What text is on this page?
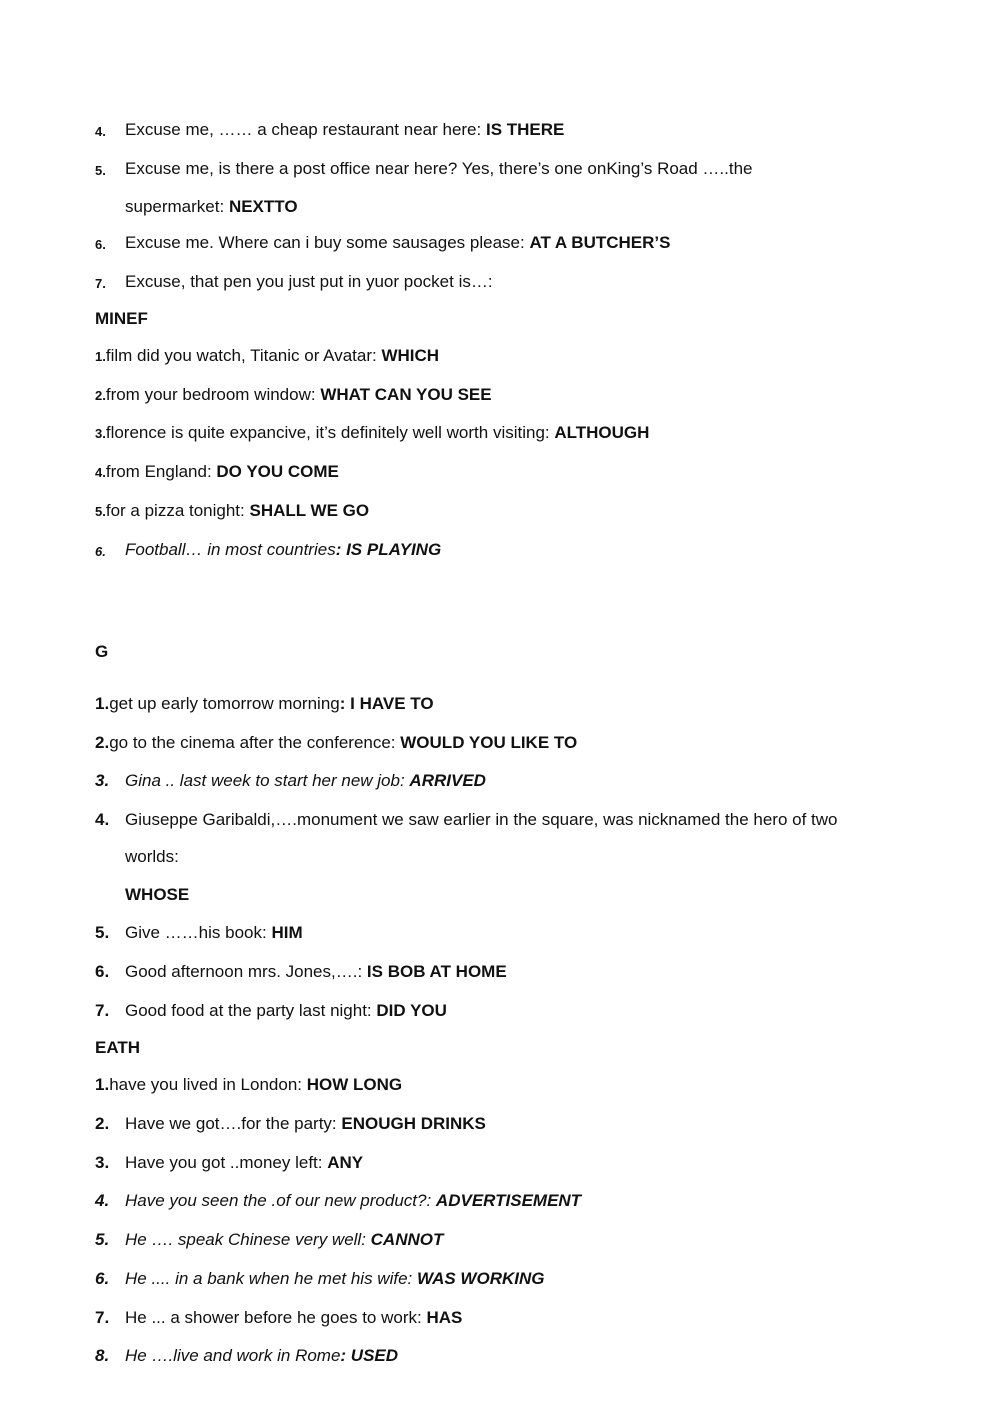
4. Excuse me, …… a cheap restaurant near here: IS THERE
5. Excuse me, is there a post office near here? Yes, there’s one onKing’s Road …..the
supermarket: NEXTTO
6. Excuse me. Where can i buy some sausages please: AT A BUTCHER’S
7. Excuse, that pen you just put in yuor pocket is…:
MINEF
1.film did you watch, Titanic or Avatar: WHICH
2.from your bedroom window: WHAT CAN YOU SEE
3.florence is quite expancive, it’s definitely well worth visiting: ALTHOUGH
4.from England: DO YOU COME
5.for a pizza tonight: SHALL WE GO
6. Football… in most countries: IS PLAYING
G
1.get up early tomorrow morning: I HAVE TO
2.go to the cinema after the conference: WOULD YOU LIKE TO
3. Gina .. last week to start her new job: ARRIVED
4. Giuseppe Garibaldi,….monument we saw earlier in the square, was nicknamed the hero of two
worlds:
WHOSE
5. Give ……his book: HIM
6. Good afternoon mrs. Jones,….: IS BOB AT HOME
7. Good food at the party last night: DID YOU
EATH
1.have you lived in London: HOW LONG
2. Have we got….for the party: ENOUGH DRINKS
3. Have you got ..money left: ANY
4. Have you seen the .of our new product?: ADVERTISEMENT
5. He …. speak Chinese very well: CANNOT
6. He .... in a bank when he met his wife: WAS WORKING
7. He ... a shower before he goes to work: HAS
8. He ….live and work in Rome: USED
